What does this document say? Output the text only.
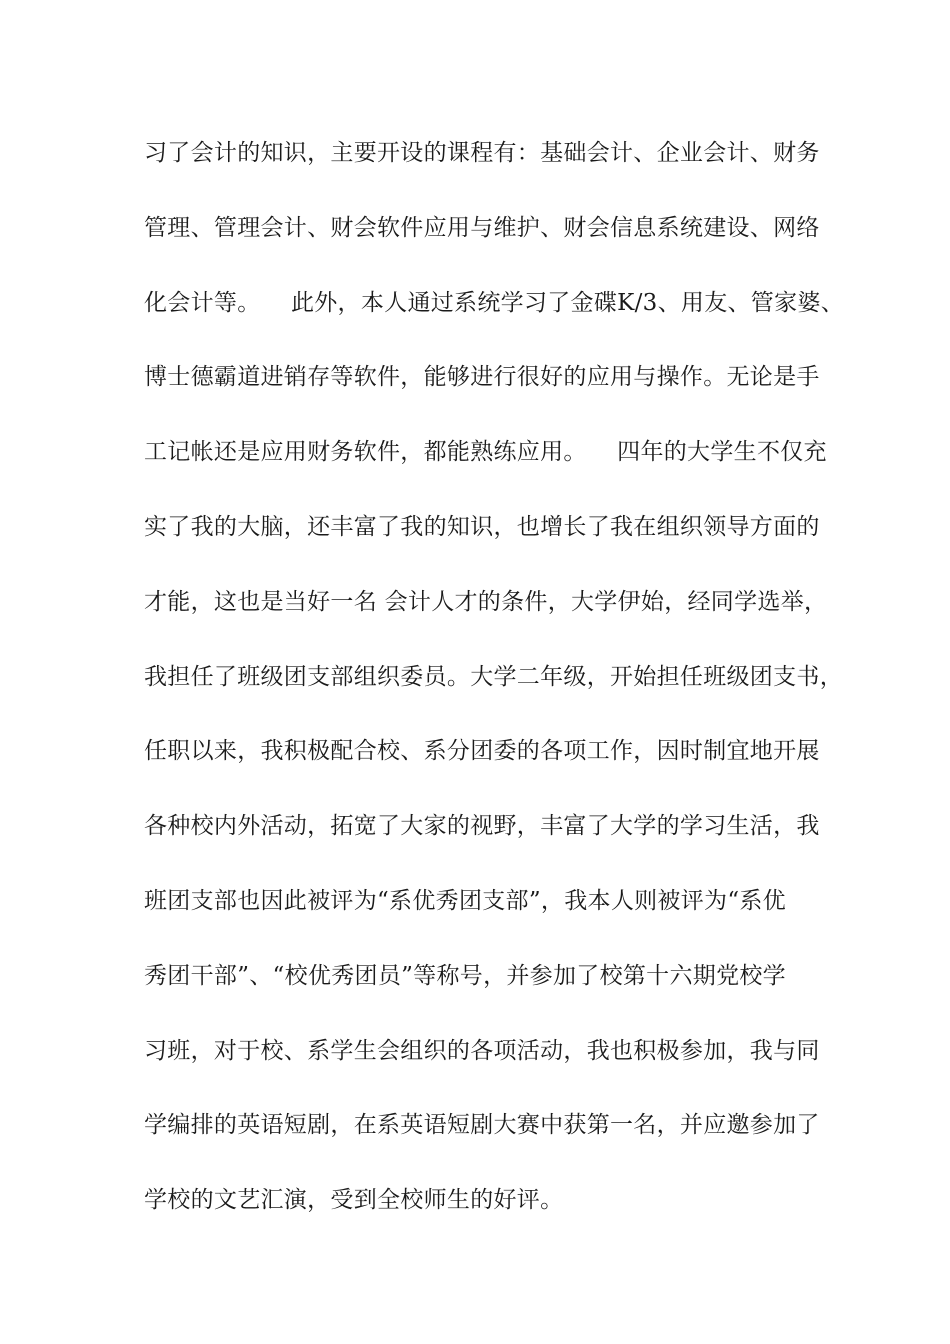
习了会计的知识，主要开设的课程有：基础会计、企业会计、财务
管理、管理会计、财会软件应用与维护、财会信息系统建设、网络
化会计等。    此外，本人通过系统学习了金碟K/3、用友、管家婆、
博士德霸道进销存等软件，能够进行很好的应用与操作。无论是手
工记帐还是应用财务软件，都能熟练应用。    四年的大学生不仅充
实了我的大脑，还丰富了我的知识，也增长了我在组织领导方面的
才能，这也是当好一名 会计人才的条件，大学伊始，经同学选举，
我担任了班级团支部组织委员。大学二年级，开始担任班级团支书，
任职以来，我积极配合校、系分团委的各项工作，因时制宜地开展
各种校内外活动，拓宽了大家的视野，丰富了大学的学习生活，我
班团支部也因此被评为“系优秀团支部”，我本人则被评为“系优
秀团干部”、“校优秀团员”等称号，并参加了校第十六期党校学
习班，对于校、系学生会组织的各项活动，我也积极参加，我与同
学编排的英语短剧，在系英语短剧大赛中获第一名，并应邀参加了
学校的文艺汇演，受到全校师生的好评。
